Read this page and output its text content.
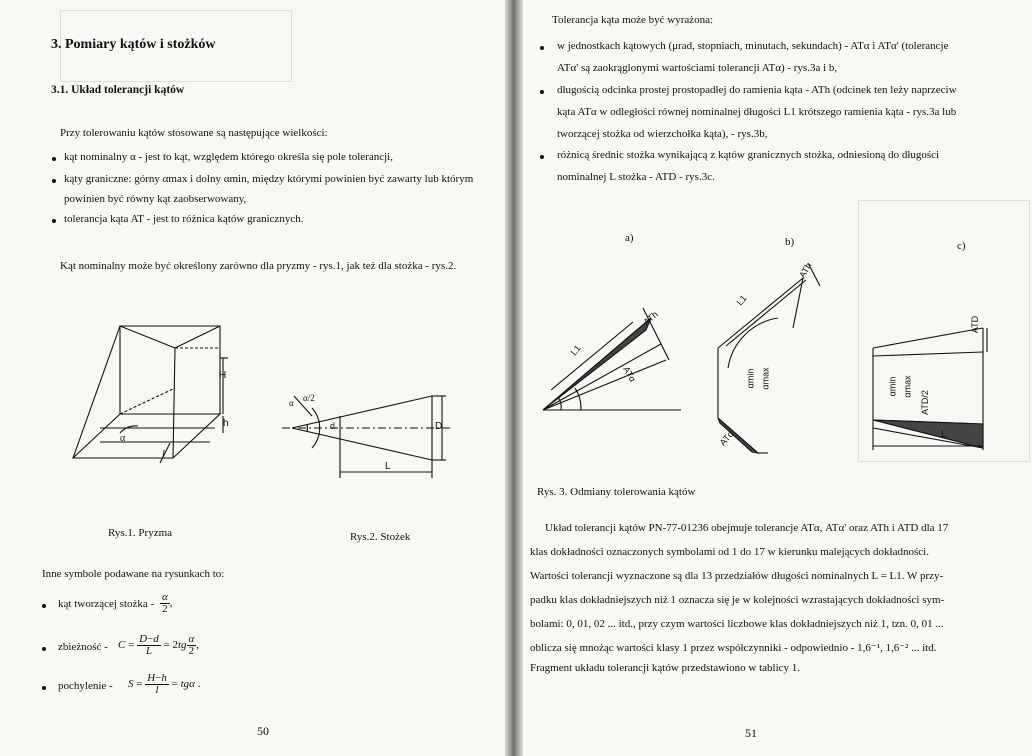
3. Pomiary kątów i stożków
3.1. Układ tolerancji kątów
Przy tolerowaniu kątów stosowane są następujące wielkości:
kąt nominalny α - jest to kąt, względem którego określa się pole tolerancji,
kąty graniczne: górny αmax i dolny αmin, między którymi powinien być zawarty lub którym
powinien być równy kąt zaobserwowany,
tolerancja kąta AT - jest to różnica kątów granicznych.
Kąt nominalny może być określony zarówno dla pryzmy - rys.1, jak też dla stożka - rys.2.
H
h
α
l
α α/2
D
d
L
Rys.1. Pryzma	Rys.2. Stożek
Inne symbole podawane na rysunkach to:
kąt tworzącej stożka - $\frac{\alpha}{2}$ ,
zbieżność - $C = \frac{D-d}{L} = 2tg \frac{\alpha}{2}$ ,
pochylenie - $S = \frac{H-h}{l} = tg\alpha$ .
50
Tolerancja kąta może być wyrażona:
w jednostkach kątowych (μrad, stopniach, minutach, sekundach) - ATα i ATα' (tolerancje
ATα' są zaokrąglonymi wartościami tolerancji ATα) - rys.3a i b,
długością odcinka prostej prostopadłej do ramienia kąta - ATh (odcinek ten leży naprzeciw
kąta ATα w odległości równej nominalnej długości L1 krótszego ramienia kąta - rys.3a lub
tworzącej stożka od wierzchołka kąta), - rys.3b,
różnicą średnic stożka wynikającą z kątów granicznych stożka, odniesioną do długości
nominalnej L stożka - ATD - rys.3c.
a)	b)	c)
L1
ATh
ATα
L1
ATh
αmin αmax
ATα
ATD
ATD/2
αmin αmax
L
Rys. 3. Odmiany tolerowania kątów
Układ tolerancji kątów PN-77-01236 obejmuje tolerancje ATα, ATα' oraz ATh i ATD dla 17
klas dokładności oznaczonych symbolami od 1 do 17 w kierunku malejących dokładności.
Wartości tolerancji wyznaczone są dla 13 przedziałów długości nominalnych L = L1. W przy-
padku klas dokładniejszych niż 1 oznacza się je w kolejności wzrastających dokładności sym-
bolami: 0, 01, 02 ... itd., przy czym wartości liczbowe klas dokładniejszych niż 1, tzn. 0, 01 ...
oblicza się mnożąc wartości klasy 1 przez współczynniki - odpowiednio - 1,6⁻¹, 1,6⁻² ... itd.
Fragment układu tolerancji kątów przedstawiono w tablicy 1.
51
